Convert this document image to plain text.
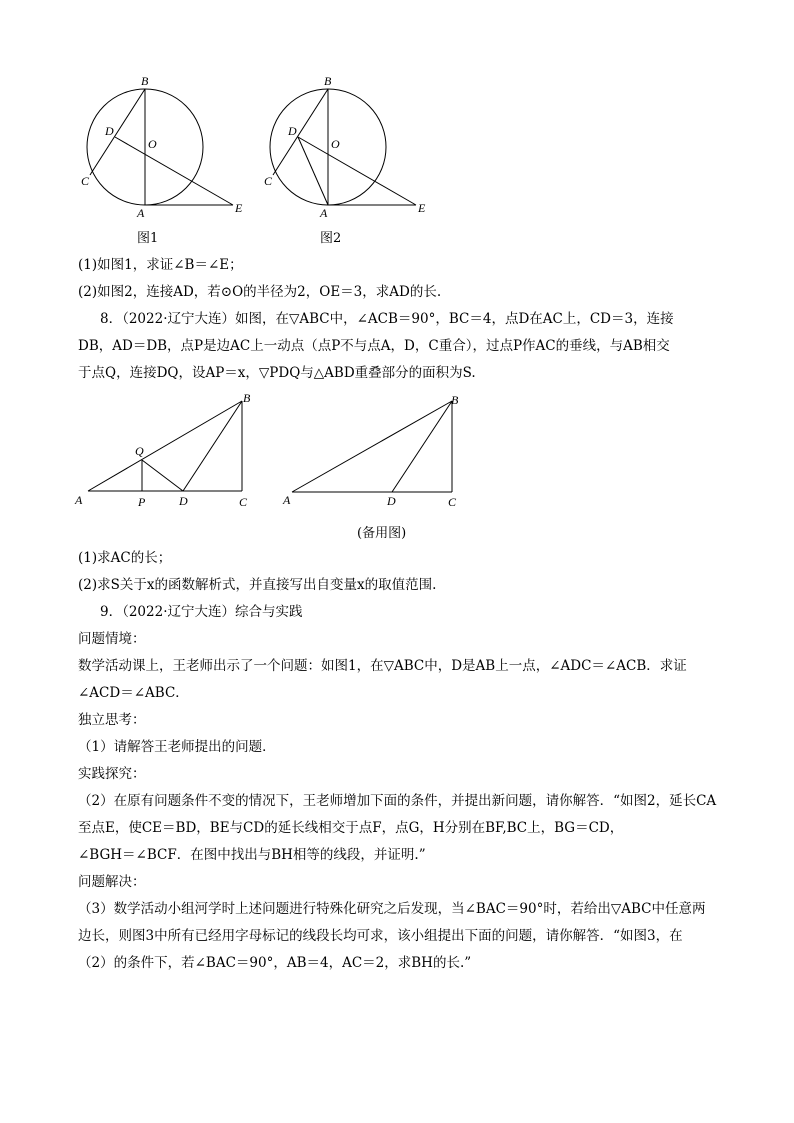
B
D
O
C
A	E
图1
B
D
O
C
A	E
图2
(1)如图1，求证∠B＝∠E；
(2)如图2，连接AD，若⊙O的半径为2，OE＝3，求AD的长.
8．（2022·辽宁大连）如图，在▽ABC中，∠ACB＝90°，BC＝4，点D在AC上，CD＝3，连接
DB，AD＝DB，点P是边AC上一动点（点P不与点A，D，C重合），过点P作AC的垂线，与AB相交
于点Q，连接DQ，设AP＝x，▽PDQ与△ABD重叠部分的面积为S.
B
Q
A	P	D	C
B
A	D	C
(备用图)
(1)求AC的长；
(2)求S关于x的函数解析式，并直接写出自变量x的取值范围.
9．（2022·辽宁大连）综合与实践
问题情境：
数学活动课上，王老师出示了一个问题：如图1，在▽ABC中，D是AB上一点，∠ADC＝∠ACB．求证
∠ACD＝∠ABC．
独立思考：
（1）请解答王老师提出的问题．
实践探究：
（2）在原有问题条件不变的情况下，王老师增加下面的条件，并提出新问题，请你解答．“如图2，延长CA
至点E，使CE＝BD，BE与CD的延长线相交于点F，点G，H分别在BF,BC上，BG＝CD，
∠BGH＝∠BCF．在图中找出与BH相等的线段，并证明.”
问题解决：
（3）数学活动小组河学时上述问题进行特殊化研究之后发现，当∠BAC＝90°时，若给出▽ABC中任意两
边长，则图3中所有已经用字母标记的线段长均可求，该小组提出下面的问题，请你解答．“如图3，在
（2）的条件下，若∠BAC＝90°，AB＝4，AC＝2，求BH的长.”
